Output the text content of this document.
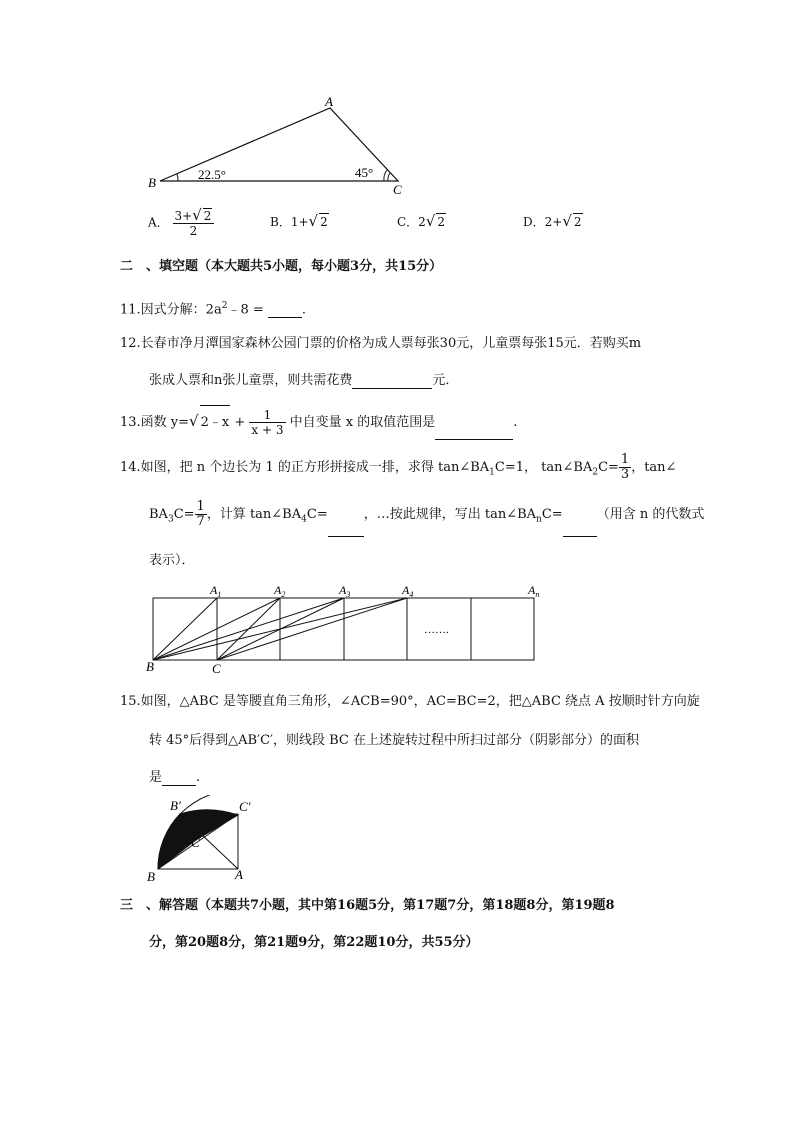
A
B	C
22.5°	45°
A． $\frac{3+√ 2}{2}$	B．1+√ 2	C．2√ 2	D．2+√ 2
二　、填空题（本大题共5小题，每小题3分，共15分）
11.因式分解：$2a^2﹣8$ =	.
12.长春市净月潭国家森林公园门票的价格为成人票每张30元，儿童票每张15元．若购买m
张成人票和n张儿童票，则共需花费	元．
13.函数 y=√ 2﹣x + $\frac{1}{x + 3}$ 中自变量 x 的取值范围是	.
14.如图，把 n 个边长为 1 的正方形拼接成一排，求得 $\tan\angle BA_1C=1$， $\tan\angle BA_2C= \frac{1}{3}$ ，tan∠
$BA_3C= \frac{1}{7}$ ，计算 $\tan\angle BA_4C=$	，…按此规律，写出 $\tan\angle BA_nC=$	（用含 n 的代数式
表示）．
$A_1$	$A_2$	$A_3$	$A_4$	$A_n$
B	C
…….
15.如图，△ABC 是等腰直角三角形，∠ACB=90°，AC=BC=2，把△ABC 绕点 A 按顺时针方向旋
转 45°后得到△AB′C′，则线段 BC 在上述旋转过程中所扫过部分（阴影部分）的面积
是	.
B′	C′
C
B	A
三　、解答题（本题共7小题，其中第16题5分，第17题7分，第18题8分，第19题8
分，第20题8分，第21题9分，第22题10分，共55分）
